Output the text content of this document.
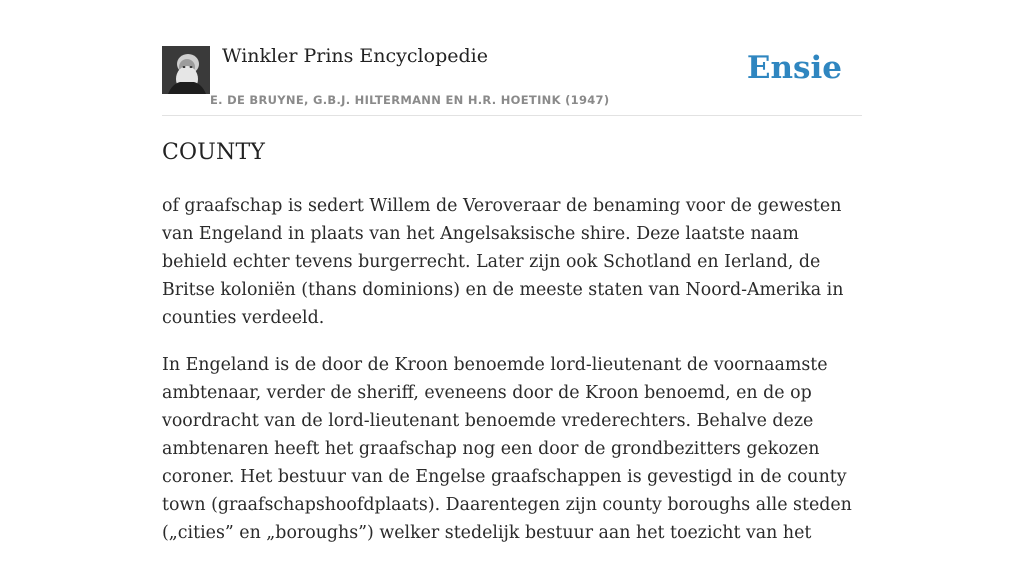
Winkler Prins Encyclopedie
E. DE BRUYNE, G.B.J. HILTERMANN EN H.R. HOETINK (1947)
Ensie
COUNTY

of graafschap is sedert Willem de Veroveraar de benaming voor de gewesten van Engeland in plaats van het Angelsaksische shire. Deze laatste naam behield echter tevens burgerrecht. Later zijn ook Schotland en Ierland, de Britse koloniën (thans dominions) en de meeste staten van Noord-Amerika in counties verdeeld.

In Engeland is de door de Kroon benoemde lord-lieutenant de voornaamste ambtenaar, verder de sheriff, eveneens door de Kroon benoemd, en de op voordracht van de lord-lieutenant benoemde vrederechters. Behalve deze ambtenaren heeft het graafschap nog een door de grondbezitters gekozen coroner. Het bestuur van de Engelse graafschappen is gevestigd in de county town (graafschapshoofdplaats). Daarentegen zijn county boroughs alle steden („cities” en „boroughs”) welker stedelijk bestuur aan het toezicht van het
